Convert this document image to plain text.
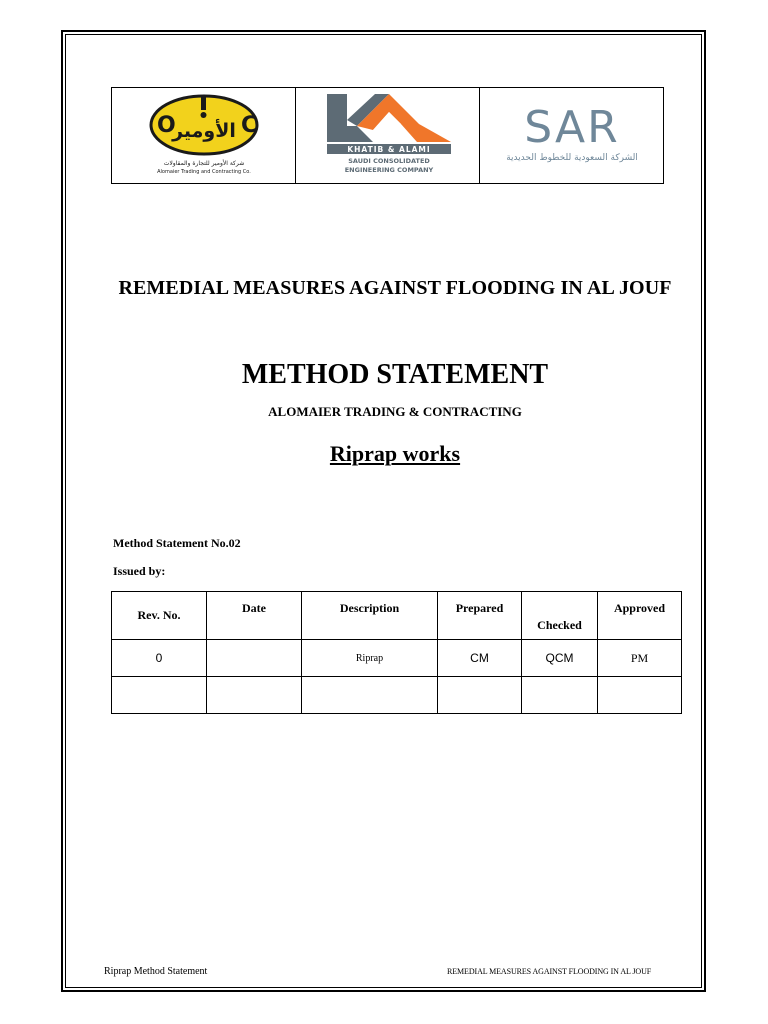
O	C
الأومير
شركة الأومير للتجارة والمقاولات
Alomaier Trading and Contracting Co.

KHATIB & ALAMI
SAUDI CONSOLIDATED
ENGINEERING COMPANY

SAR
الشركة السعودية للخطوط الحديدية
REMEDIAL MEASURES AGAINST FLOODING IN AL JOUF
METHOD STATEMENT
ALOMAIER TRADING & CONTRACTING
Riprap works
Method Statement No.02
Issued by:
Rev. No.	Date	Description	Prepared	Checked	Approved
0		Riprap	CM	QCM	PM

Riprap Method Statement	REMEDIAL MEASURES AGAINST FLOODING IN AL JOUF
